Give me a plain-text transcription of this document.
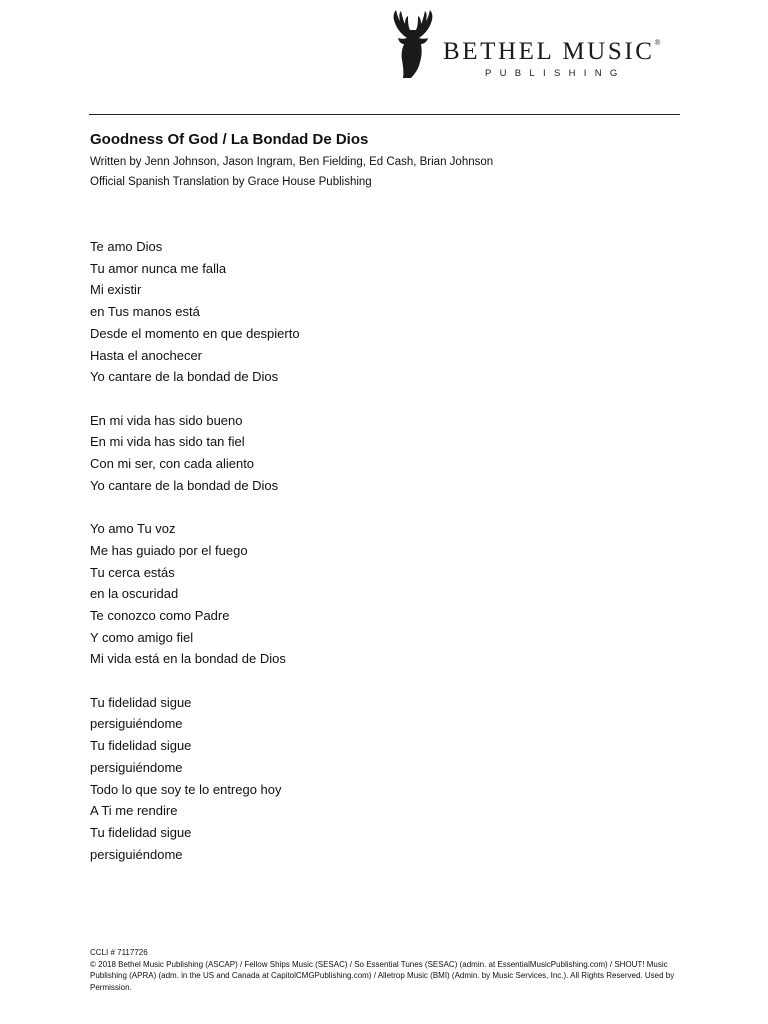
BETHEL MUSIC®
PUBLISHING
Goodness Of God / La Bondad De Dios
Written by Jenn Johnson, Jason Ingram, Ben Fielding, Ed Cash, Brian Johnson
Official Spanish Translation by Grace House Publishing
Te amo Dios
Tu amor nunca me falla
Mi existir
en Tus manos está
Desde el momento en que despierto
Hasta el anochecer
Yo cantare de la bondad de Dios
En mi vida has sido bueno
En mi vida has sido tan fiel
Con mi ser, con cada aliento
Yo cantare de la bondad de Dios
Yo amo Tu voz
Me has guiado por el fuego
Tu cerca estás
en la oscuridad
Te conozco como Padre
Y como amigo fiel
Mi vida está en la bondad de Dios
Tu fidelidad sigue
persiguiéndome
Tu fidelidad sigue
persiguiéndome
Todo lo que soy te lo entrego hoy
A Ti me rendire
Tu fidelidad sigue
persiguiéndome
CCLI # 7117726
© 2018 Bethel Music Publishing (ASCAP) / Fellow Ships Music (SESAC) / So Essential Tunes (SESAC) (admin. at EssentialMusicPublishing.com) / SHOUT! Music Publishing (APRA) (adm. in the US and Canada at CapitolCMGPublishing.com) / Alletrop Music (BMI) (Admin. by Music Services, Inc.). All Rights Reserved. Used by Permission.
